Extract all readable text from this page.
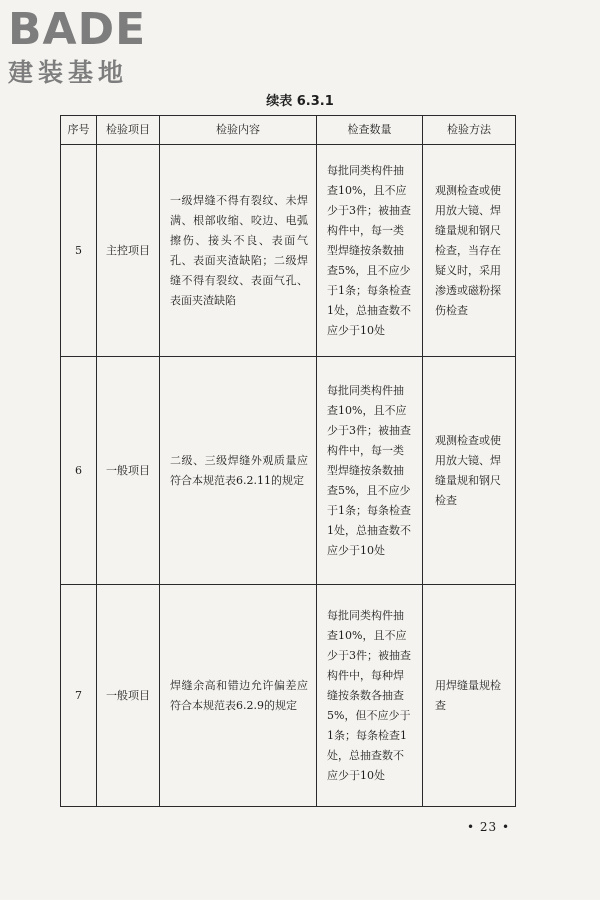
BADE
建装基地
续表 6.3.1
序号	检验项目	检验内容	检查数量	检验方法
5	主控项目	一级焊缝不得有裂纹、未焊满、根部收缩、咬边、电弧擦伤、接头不良、表面气孔、表面夹渣缺陷；二级焊缝不得有裂纹、表面气孔、表面夹渣缺陷	每批同类构件抽查10%，且不应少于3件；被抽查构件中，每一类型焊缝按条数抽查5%，且不应少于1条；每条检查1处，总抽查数不应少于10处	观测检查或使用放大镜、焊缝量规和钢尺检查，当存在疑义时，采用渗透或磁粉探伤检查
6	一般项目	二级、三级焊缝外观质量应符合本规范表6.2.11的规定	每批同类构件抽查10%，且不应少于3件；被抽查构件中，每一类型焊缝按条数抽查5%，且不应少于1条；每条检查1处，总抽查数不应少于10处	观测检查或使用放大镜、焊缝量规和钢尺检查
7	一般项目	焊缝余高和错边允许偏差应符合本规范表6.2.9的规定	每批同类构件抽查10%，且不应少于3件；被抽查构件中，每种焊缝按条数各抽查5%，但不应少于1条；每条检查1处，总抽查数不应少于10处	用焊缝量规检查
• 23 •
